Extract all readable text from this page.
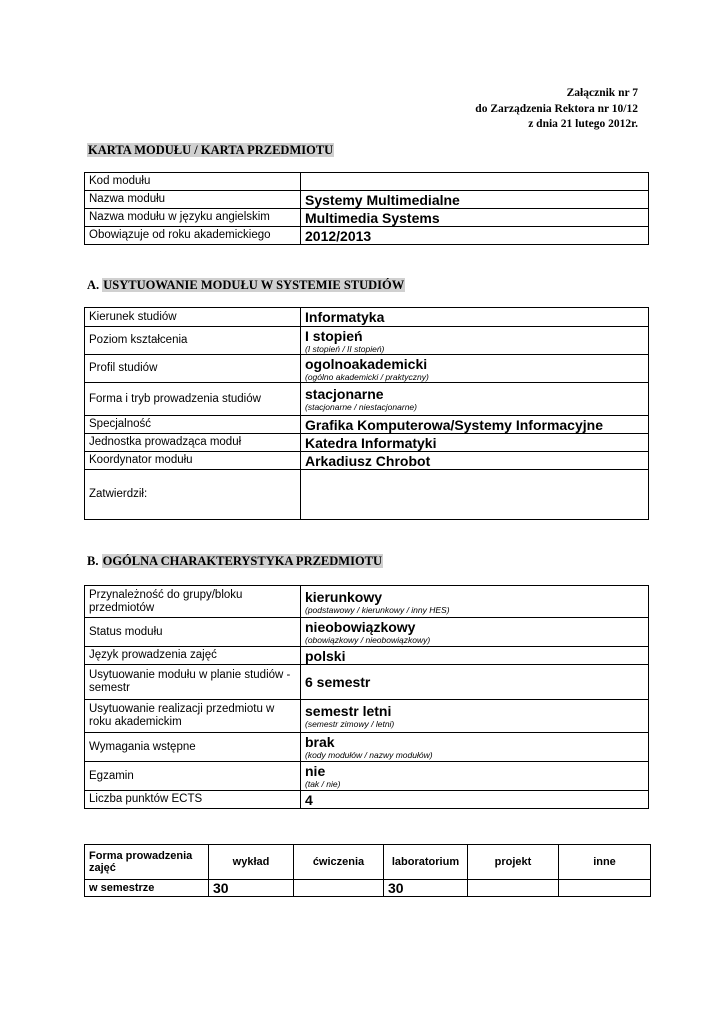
Załącznik nr 7
do Zarządzenia Rektora nr 10/12
z dnia 21 lutego 2012r.
KARTA MODUŁU / KARTA PRZEDMIOTU
Kod modułu	
Nazwa modułu	Systemy Multimedialne
Nazwa modułu w języku angielskim	Multimedia Systems
Obowiązuje od roku akademickiego	2012/2013
A. USYTUOWANIE MODUŁU W SYSTEMIE STUDIÓW
Kierunek studiów	Informatyka

Poziom kształcenia	I stopień
(I stopień / II stopień)

Profil studiów	ogolnoakademicki
(ogólno akademicki / praktyczny)

Forma i tryb prowadzenia studiów	stacjonarne
(stacjonarne / niestacjonarne)

Specjalność	Grafika Komputerowa/Systemy Informacyjne

Jednostka prowadząca moduł	Katedra Informatyki

Koordynator modułu	Arkadiusz Chrobot

Zatwierdził:	
B. OGÓLNA CHARAKTERYSTYKA PRZEDMIOTU
Przynależność do grupy/bloku przedmiotów	kierunkowy
(podstawowy / kierunkowy / inny HES)

Status modułu	nieobowiązkowy
(obowiązkowy / nieobowiązkowy)

Język prowadzenia zajęć	polski

Usytuowanie modułu w planie studiów - semestr	6 semestr

Usytuowanie realizacji przedmiotu w roku akademickim	semestr letni
(semestr zimowy / letni)

Wymagania wstępne	brak
(kody modułów / nazwy modułów)

Egzamin	nie
(tak / nie)

Liczba punktów ECTS	4
Forma prowadzenia zajęć	wykład	ćwiczenia	laboratorium	projekt	inne
w semestrze	30		30		
